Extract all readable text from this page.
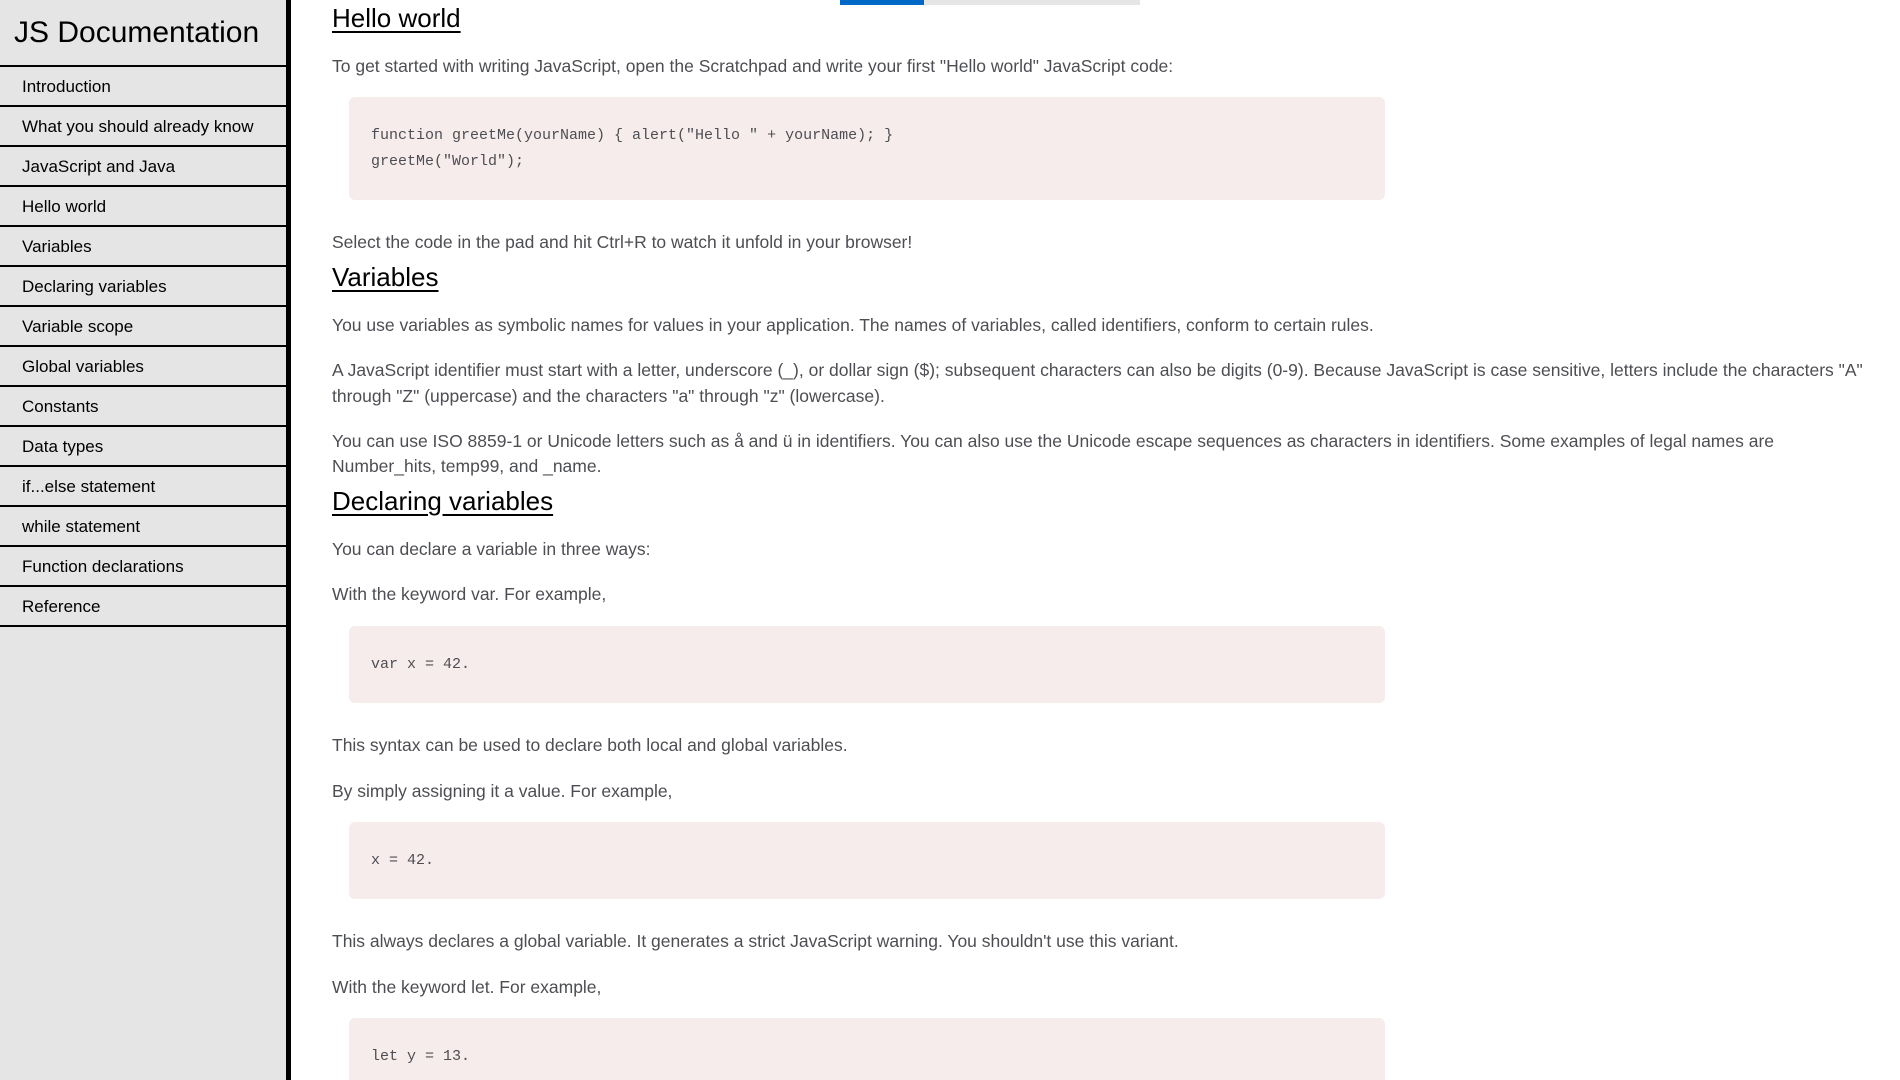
JS Documentation
Introduction
What you should already know
JavaScript and Java
Hello world
Variables
Declaring variables
Variable scope
Global variables
Constants
Data types
if...else statement
while statement
Function declarations
Reference
Hello world

To get started with writing JavaScript, open the Scratchpad and write your first "Hello world" JavaScript code:

function greetMe(yourName) { alert("Hello " + yourName); }
greetMe("World");

Select the code in the pad and hit Ctrl+R to watch it unfold in your browser!

Variables

You use variables as symbolic names for values in your application. The names of variables, called identifiers, conform to certain rules.

A JavaScript identifier must start with a letter, underscore (_), or dollar sign ($); subsequent characters can also be digits (0-9). Because JavaScript is case sensitive, letters include the characters "A" through "Z" (uppercase) and the characters "a" through "z" (lowercase).

You can use ISO 8859-1 or Unicode letters such as å and ü in identifiers. You can also use the Unicode escape sequences as characters in identifiers. Some examples of legal names are Number_hits, temp99, and _name.

Declaring variables

You can declare a variable in three ways:

With the keyword var. For example,

var x = 42.

This syntax can be used to declare both local and global variables.

By simply assigning it a value. For example,

x = 42.

This always declares a global variable. It generates a strict JavaScript warning. You shouldn't use this variant.

With the keyword let. For example,

let y = 13.
